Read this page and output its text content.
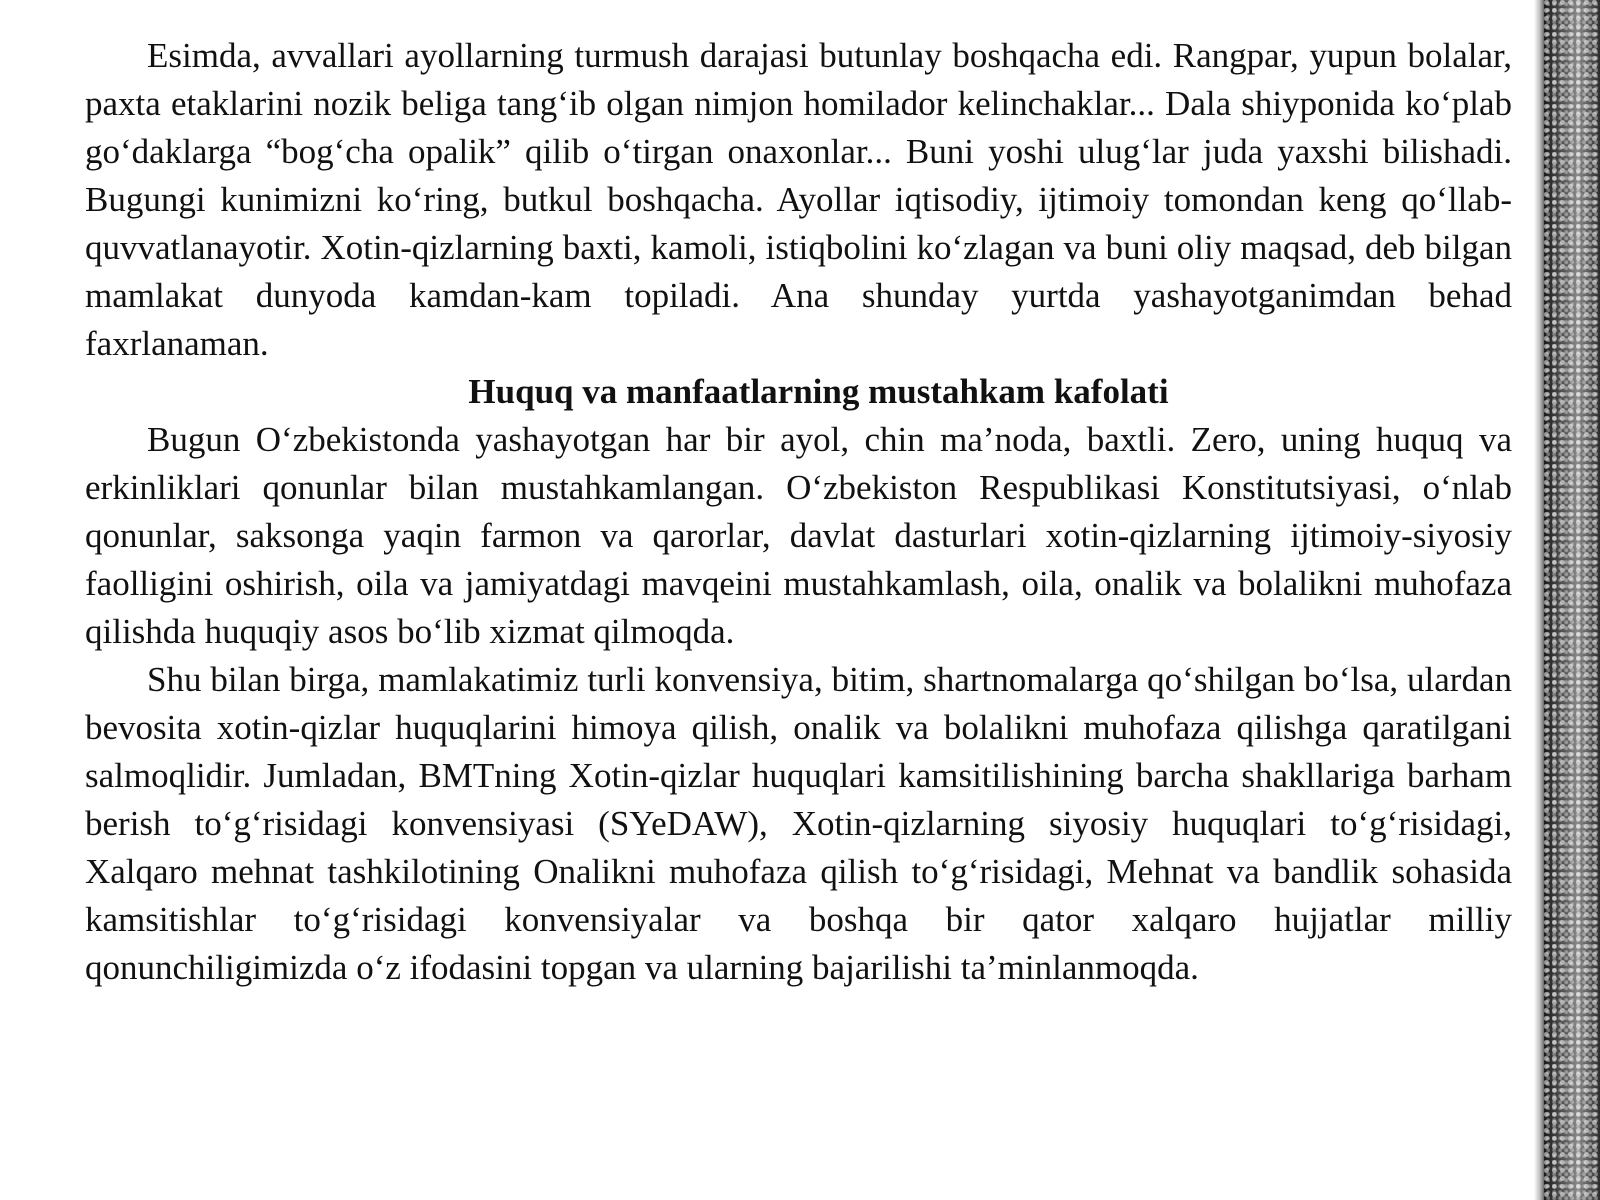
Esimda, avvallari ayollarning turmush darajasi butunlay boshqacha edi. Rangpar, yupun bolalar, paxta etaklarini nozik beliga tang‘ib olgan nimjon homilador kelinchaklar... Dala shiyponida ko‘plab go‘daklarga “bog‘cha opalik” qilib o‘tirgan onaxonlar... Buni yoshi ulug‘lar juda yaxshi bilishadi. Bugungi kunimizni ko‘ring, butkul boshqacha. Ayollar iqtisodiy, ijtimoiy tomondan keng qo‘llab-quvvatlanayotir. Xotin-qizlarning baxti, kamoli, istiqbolini ko‘zlagan va buni oliy maqsad, deb bilgan mamlakat dunyoda kamdan-kam topiladi. Ana shunday yurtda yashayotganimdan behad faxrlanaman.

Huquq va manfaatlarning mustahkam kafolati

Bugun O‘zbekistonda yashayotgan har bir ayol, chin ma’noda, baxtli. Zero, uning huquq va erkinliklari qonunlar bilan mustahkamlangan. O‘zbekiston Respublikasi Konstitutsiyasi, o‘nlab qonunlar, saksonga yaqin farmon va qarorlar, davlat dasturlari xotin-qizlarning ijtimoiy-siyosiy faolligini oshirish, oila va jamiyatdagi mavqeini mustahkamlash, oila, onalik va bolalikni muhofaza qilishda huquqiy asos bo‘lib xizmat qilmoqda.

Shu bilan birga, mamlakatimiz turli konvensiya, bitim, shartnomalarga qo‘shilgan bo‘lsa, ulardan bevosita xotin-qizlar huquqlarini himoya qilish, onalik va bolalikni muhofaza qilishga qaratilgani salmoqlidir. Jumladan, BMTning Xotin-qizlar huquqlari kamsitilishining barcha shakllariga barham berish to‘g‘risidagi konvensiyasi (SYeDAW), Xotin-qizlarning siyosiy huquqlari to‘g‘risidagi, Xalqaro mehnat tashkilotining Onalikni muhofaza qilish to‘g‘risidagi, Mehnat va bandlik sohasida kamsitishlar to‘g‘risidagi konvensiyalar va boshqa bir qator xalqaro hujjatlar milliy qonunchiligimizda o‘z ifodasini topgan va ularning bajarilishi ta’minlanmoqda.
